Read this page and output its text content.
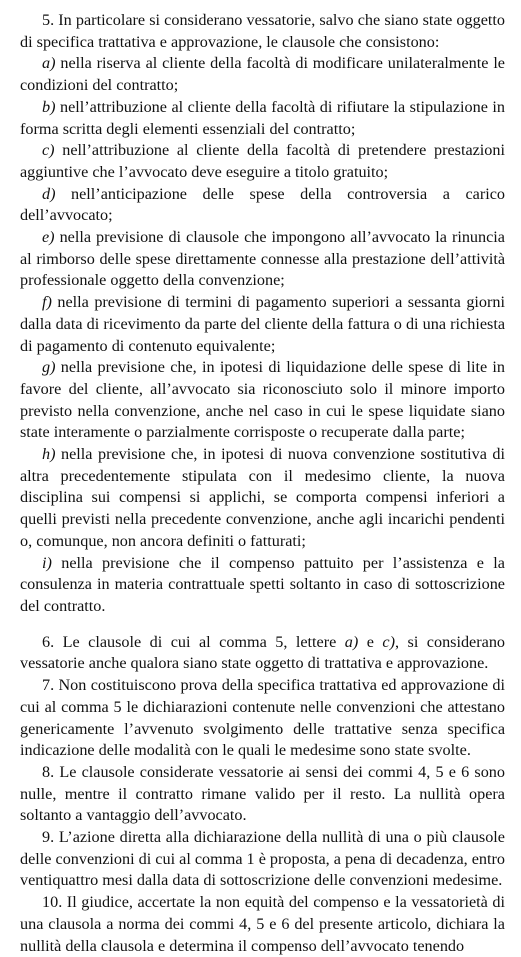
5. In particolare si considerano vessatorie, salvo che siano state oggetto di specifica trattativa e approvazione, le clausole che consistono:

a) nella riserva al cliente della facoltà di modificare unilateralmente le condizioni del contratto;

b) nell’attribuzione al cliente della facoltà di rifiutare la stipulazione in forma scritta degli elementi essenziali del contratto;

c) nell’attribuzione al cliente della facoltà di pretendere prestazioni aggiuntive che l’avvocato deve eseguire a titolo gratuito;

d) nell’anticipazione delle spese della controversia a carico dell’avvocato;

e) nella previsione di clausole che impongono all’avvocato la rinuncia al rimborso delle spese direttamente connesse alla prestazione dell’attività professionale oggetto della convenzione;

f) nella previsione di termini di pagamento superiori a sessanta giorni dalla data di ricevimento da parte del cliente della fattura o di una richiesta di pagamento di contenuto equivalente;

g) nella previsione che, in ipotesi di liquidazione delle spese di lite in favore del cliente, all’avvocato sia riconosciuto solo il minore importo previsto nella convenzione, anche nel caso in cui le spese liquidate siano state interamente o parzialmente corrisposte o recuperate dalla parte;

h) nella previsione che, in ipotesi di nuova convenzione sostitutiva di altra precedentemente stipulata con il medesimo cliente, la nuova disciplina sui compensi si applichi, se comporta compensi inferiori a quelli previsti nella precedente convenzione, anche agli incarichi pendenti o, comunque, non ancora definiti o fatturati;

i) nella previsione che il compenso pattuito per l’assistenza e la consulenza in materia contrattuale spetti soltanto in caso di sottoscrizione del contratto.

6. Le clausole di cui al comma 5, lettere a) e c), si considerano vessatorie anche qualora siano state oggetto di trattativa e approvazione.

7. Non costituiscono prova della specifica trattativa ed approvazione di cui al comma 5 le dichiarazioni contenute nelle convenzioni che attestano genericamente l’avvenuto svolgimento delle trattative senza specifica indicazione delle modalità con le quali le medesime sono state svolte.

8. Le clausole considerate vessatorie ai sensi dei commi 4, 5 e 6 sono nulle, mentre il contratto rimane valido per il resto. La nullità opera soltanto a vantaggio dell’avvocato.

9. L’azione diretta alla dichiarazione della nullità di una o più clausole delle convenzioni di cui al comma 1 è proposta, a pena di decadenza, entro ventiquattro mesi dalla data di sottoscrizione delle convenzioni medesime.

10. Il giudice, accertate la non equità del compenso e la vessatorietà di una clausola a norma dei commi 4, 5 e 6 del presente articolo, dichiara la nullità della clausola e determina il compenso dell’avvocato tenendo
